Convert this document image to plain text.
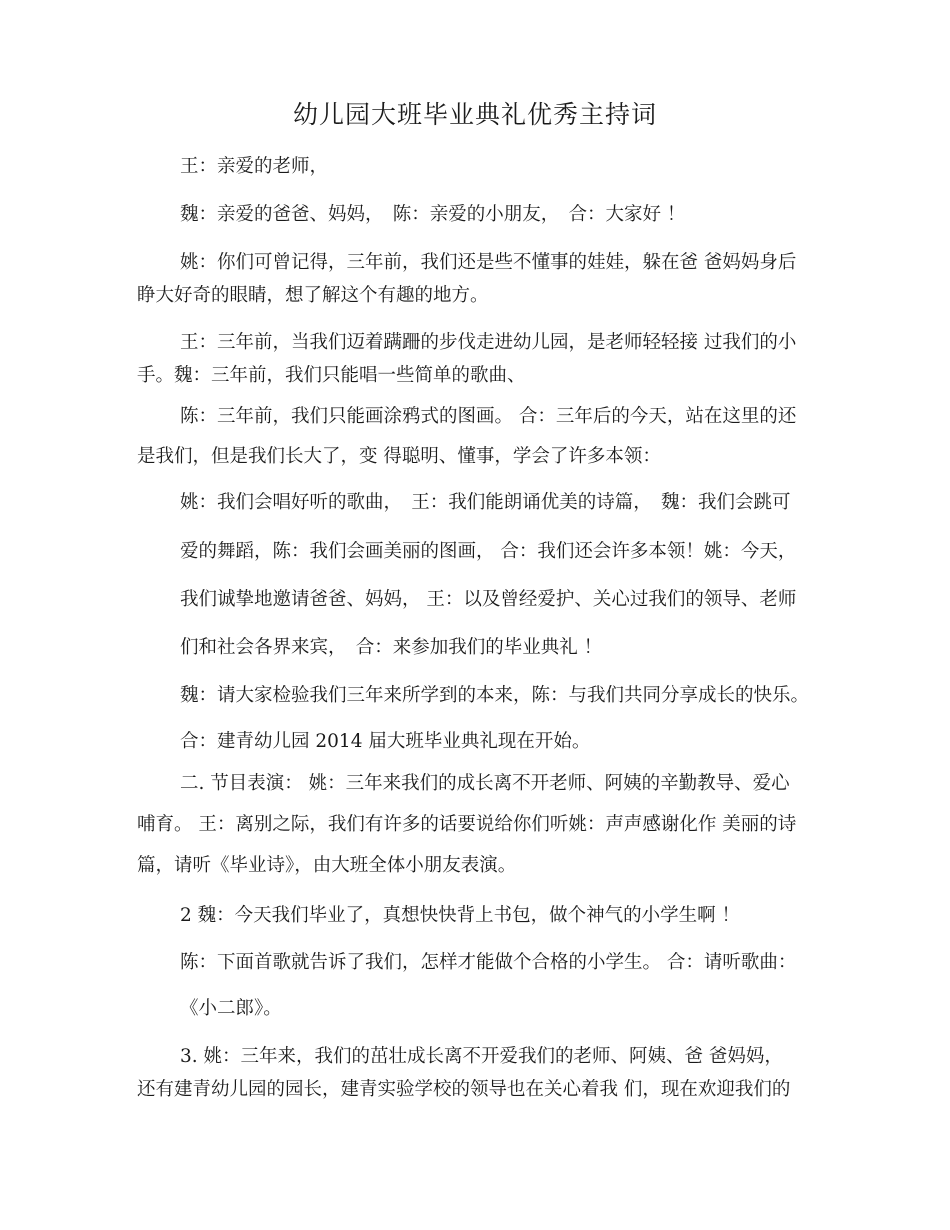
幼儿园大班毕业典礼优秀主持词
王：亲爱的老师，
魏：亲爱的爸爸、妈妈，　陈：亲爱的小朋友，　合：大家好 ！
姚：你们可曾记得，三年前，我们还是些不懂事的娃娃，躲在爸 爸妈妈身后
睁大好奇的眼睛，想了解这个有趣的地方。
王：三年前，当我们迈着蹒跚的步伐走进幼儿园，是老师轻轻接 过我们的小
手。魏：三年前，我们只能唱一些简单的歌曲、
陈：三年前，我们只能画涂鸦式的图画。 合：三年后的今天，站在这里的还
是我们，但是我们长大了，变 得聪明、懂事，学会了许多本领：
姚：我们会唱好听的歌曲，　王：我们能朗诵优美的诗篇，　魏：我们会跳可
爱的舞蹈，陈：我们会画美丽的图画， 合：我们还会许多本领！姚：今天，
我们诚挚地邀请爸爸、妈妈， 王：以及曾经爱护、关心过我们的领导、老师
们和社会各界来宾，　合：来参加我们的毕业典礼 ！
魏：请大家检验我们三年来所学到的本来，陈：与我们共同分享成长的快乐。
合：建青幼儿园 2014 届大班毕业典礼现在开始。
二. 节目表演： 姚：三年来我们的成长离不开老师、阿姨的辛勤教导、爱心
哺育。 王：离别之际，我们有许多的话要说给你们听姚：声声感谢化作 美丽的诗
篇，请听《毕业诗》，由大班全体小朋友表演。
2 魏：今天我们毕业了，真想快快背上书包，做个神气的小学生啊 ！
陈：下面首歌就告诉了我们，怎样才能做个合格的小学生。 合：请听歌曲：
《小二郎》。
3. 姚：三年来，我们的茁壮成长离不开爱我们的老师、阿姨、爸 爸妈妈，
还有建青幼儿园的园长，建青实验学校的领导也在关心着我 们，现在欢迎我们的
